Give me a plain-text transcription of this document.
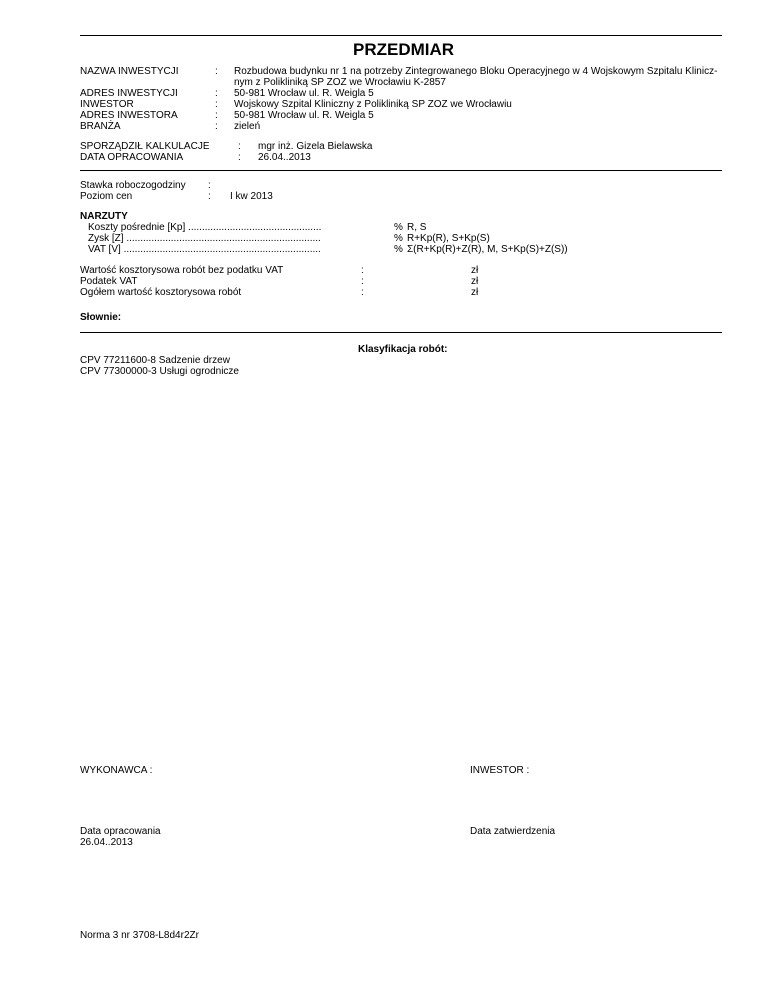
PRZEDMIAR
NAZWA INWESTYCJI	: Rozbudowa budynku nr 1 na potrzeby Zintegrowanego Bloku Operacyjnego w 4 Wojskowym Szpitalu Klinicz-
nym z Polikliniką SP ZOZ we Wrocławiu K-2857
ADRES INWESTYCJI	: 50-981 Wrocław ul. R. Weigla 5
INWESTOR	: Wojskowy Szpital Kliniczny z Polikliniką SP ZOZ we Wrocławiu
ADRES INWESTORA	: 50-981 Wrocław ul. R. Weigla 5
BRANŻA	: zieleń
SPORZĄDZIŁ KALKULACJE	: mgr inż. Gizela Bielawska
DATA OPRACOWANIA	: 26.04..2013
Stawka roboczogodziny :
Poziom cen	: I kw 2013
NARZUTY
Koszty pośrednie [Kp] ................................................	% R, S
Zysk [Z] ......................................................................	% R+Kp(R), S+Kp(S)
VAT [V] .......................................................................	% Σ(R+Kp(R)+Z(R), M, S+Kp(S)+Z(S))
Wartość kosztorysowa robót bez podatku VAT	:	zł
Podatek VAT	:	zł
Ogółem wartość kosztorysowa robót	:	zł
Słownie:
Klasyfikacja robót:
CPV 77211600-8 Sadzenie drzew
CPV 77300000-3 Usługi ogrodnicze
WYKONAWCA :	INWESTOR :
Data opracowania	Data zatwierdzenia
26.04..2013
Norma 3 nr 3708-L8d4r2Zr
